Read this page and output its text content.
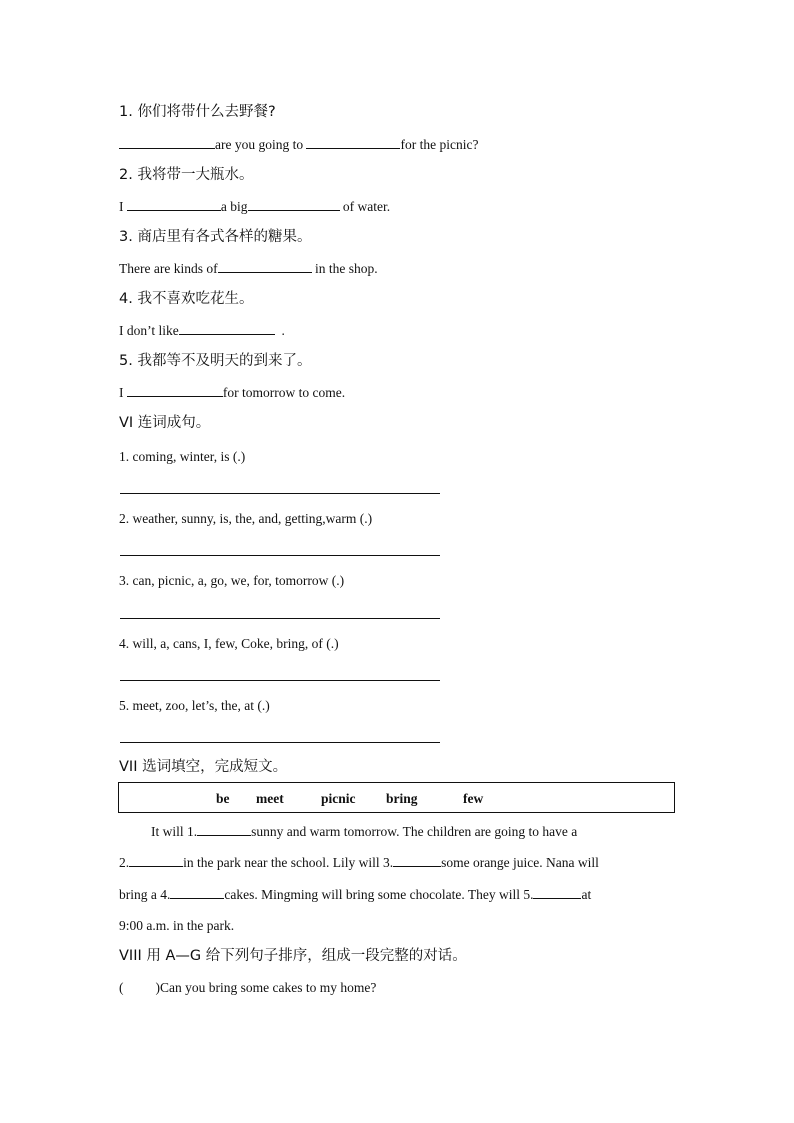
1. 你们将带什么去野餐?
are you going to	for the picnic?
2. 我将带一大瓶水。
I	a big	of water.
3. 商店里有各式各样的糖果。
There are kinds of	in the shop.
4. 我不喜欢吃花生。
I don’t like	.
5. 我都等不及明天的到来了。
I	for tomorrow to come.
VI 连词成句。
1. coming, winter, is (.)
2. weather, sunny, is, the, and, getting,warm (.)
3. can, picnic, a, go, we, for, tomorrow (.)
4. will, a, cans, I, few, Coke, bring, of (.)
5. meet, zoo, let’s, the, at (.)
VII 选词填空，完成短文。
be meet	picnic bring	few
It will 1.	sunny and warm tomorrow. The children are going to have a
2.	in the park near the school. Lily will 3.	some orange juice. Nana will
bring a 4.	cakes. Mingming will bring some chocolate. They will 5.	at
9:00 a.m. in the park.
VIII 用 A—G 给下列句子排序，组成一段完整的对话。
( )Can you bring some cakes to my home?
